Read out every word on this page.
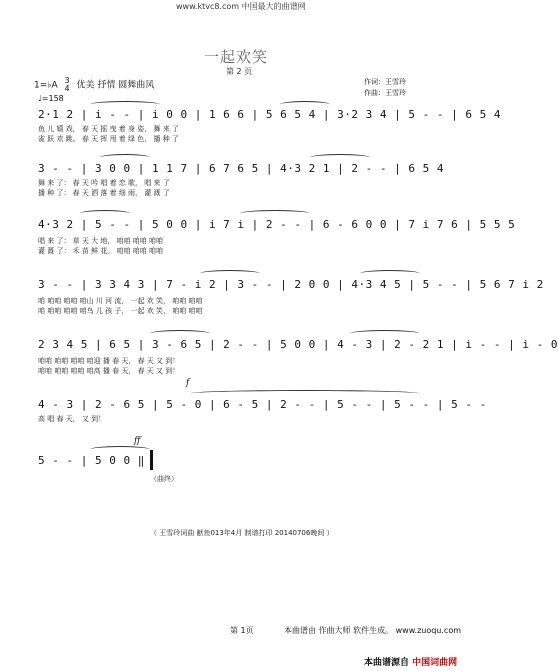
www.ktvc8.com 中国最大的曲谱网
一起欢笑
第 2 页
1=♭A 3
4 优美 抒情 圆舞曲风
♩=158
作词：王雪玲
作曲：王雪玲
2·1 2 | i - - | i 0 0 | 1 6 6 | 5 6 5 4 | 3·2 3 4 | 5 - - | 6 5 4
鱼 儿 嬉 戏， 春 天 摇 曳 着 身 姿， 舞 来 了
雀 跃 欢 跳。 春 天 挥 甩 着 绿 色， 播 种 了
3 - - | 3 0 0 | 1 1 7 | 6 7 6 5 | 4·3 2 1 | 2 - - | 6 5 4
舞 来 了： 春 天 吟 唱 着 恋 歌， 唱 来 了
播 种 了： 春 天 洒 落 着 细 雨， 灌 溉 了
4·3 2 | 5 - - | 5 0 0 | i 7 i | 2 - - | 6 - 6 0 0 | 7 i 7 6 | 5 5 5
唱 来 了： 草 天 大 地， 咱咱 咱咱 咱咱
灌 溉 了： 禾 苗 鲜 花。 咱咱 咱咱 咱咱
3 - - | 3 3 4 3 | 7 - i 2 | 3 - - | 2 0 0 | 4·3 4 5 | 5 - - | 5 6 7 i 2
咱 咱咱 咱咱 咱山 川 河 流， 一起 欢 笑， 咱咱 咱咱
咱 咱咱 咱咱 咱鸟 儿 孩 子， 一起 欢 笑， 咱咱 咱咱
2 3 4 5 | 6 5 | 3 - 6 5 | 2 - - | 5 0 0 | 4 - 3 | 2 - 2 1 | i - - | i - 0
咱咱 咱咱 咱咱 咱迎 播 春 天， 春 天 又 到！
咱咱 咱咱 咱咱 咱高 播 春 天， 春 天 又 到！
f
4 - 3 | 2 - 6 5 | 5 - 0 | 6 - 5 | 2 - - | 5 - - | 5 - - | 5 - -
高 唱 春 天， 又 到！
ff
5 - - | 5 0 0 ‖
（曲终）
（ 王雪玲词曲 献鱼013年4月 制谱打印 20140706晚间 ）
第 1页	本曲谱由 作曲大师 软件生成。 www.zuoqu.com
本曲谱源自 中国词曲网
